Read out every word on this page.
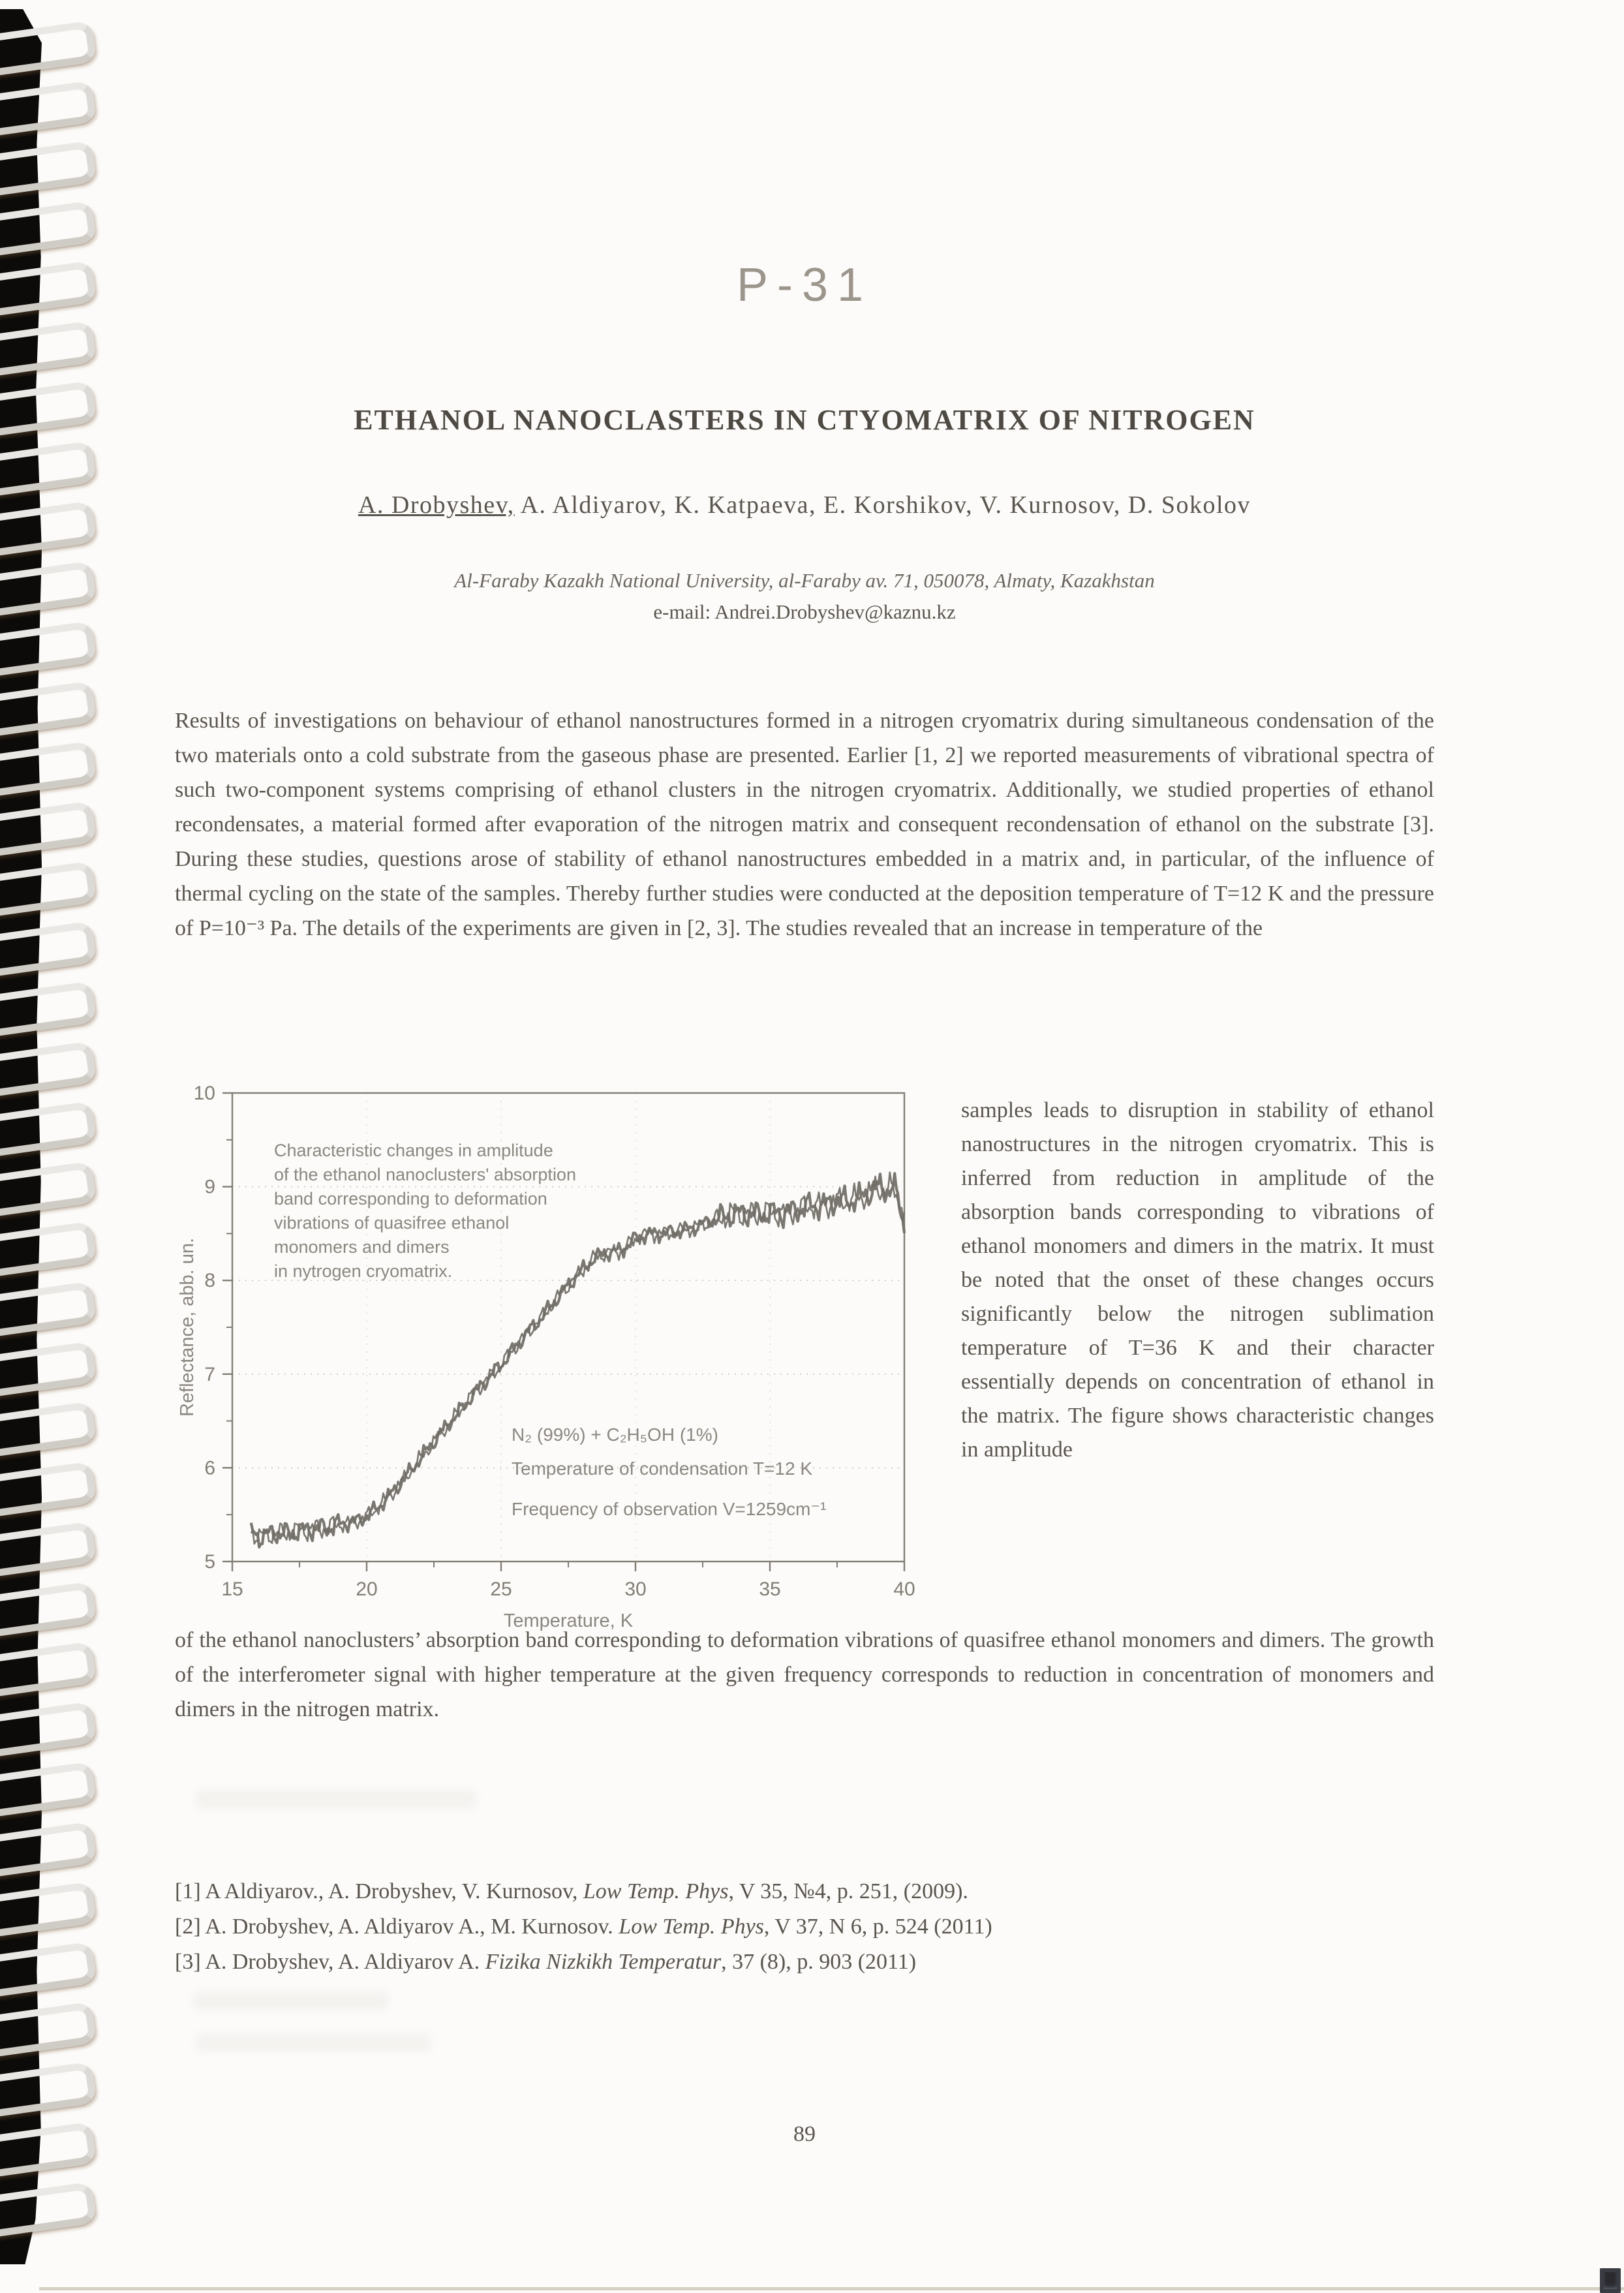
P-31
ETHANOL NANOCLASTERS IN CTYOMATRIX OF NITROGEN
A. Drobyshev, A. Aldiyarov, K. Katpaeva, E. Korshikov, V. Kurnosov, D. Sokolov
Al-Faraby Kazakh National University, al-Faraby av. 71, 050078, Almaty, Kazakhstan
e-mail: Andrei.Drobyshev@kaznu.kz
Results of investigations on behaviour of ethanol nanostructures formed in a nitrogen cryomatrix during simultaneous condensation of the two materials onto a cold substrate from the gaseous phase are presented. Earlier [1, 2] we reported measurements of vibrational spectra of such two-component systems comprising of ethanol clusters in the nitrogen cryomatrix. Additionally, we studied properties of ethanol recondensates, a material formed after evaporation of the nitrogen matrix and consequent recondensation of ethanol on the substrate [3]. During these studies, questions arose of stability of ethanol nanostructures embedded in a matrix and, in particular, of the influence of thermal cycling on the state of the samples. Thereby further studies were conducted at the deposition temperature of T=12 K and the pressure of P=10⁻³ Pa. The details of the experiments are given in [2, 3]. The studies revealed that an increase in temperature of the
5
6
7
8
9
10
15	20	25	30	35	40
Temperature, K
Reflectance, abb. un.
Characteristic changes in amplitude
of the ethanol nanoclusters' absorption
band corresponding to deformation
vibrations of quasifree ethanol
monomers and dimers
in nytrogen cryomatrix.
N₂ (99%) + C₂H₅OH (1%)
Temperature of condensation T=12 K
Frequency of observation V=1259cm⁻¹
samples leads to disruption in stability of ethanol nanostructures in the nitrogen cryomatrix. This is inferred from reduction in amplitude of the absorption bands corresponding to vibrations of ethanol monomers and dimers in the matrix. It must be noted that the onset of these changes occurs significantly below the nitrogen sublimation temperature of T=36 K and their character essentially depends on concentration of ethanol in the matrix. The figure shows characteristic changes in amplitude
of the ethanol nanoclusters’ absorption band corresponding to deformation vibrations of quasifree ethanol monomers and dimers. The growth of the interferometer signal with higher temperature at the given frequency corresponds to reduction in concentration of monomers and dimers in the nitrogen matrix.
[1] A Aldiyarov., A. Drobyshev, V. Kurnosov, Low Temp. Phys, V 35, №4, p. 251, (2009).
[2] A. Drobyshev, A. Aldiyarov A., M. Kurnosov. Low Temp. Phys, V 37, N 6, p. 524 (2011)
[3] A. Drobyshev, A. Aldiyarov A. Fizika Nizkikh Temperatur, 37 (8), p. 903 (2011)
89
